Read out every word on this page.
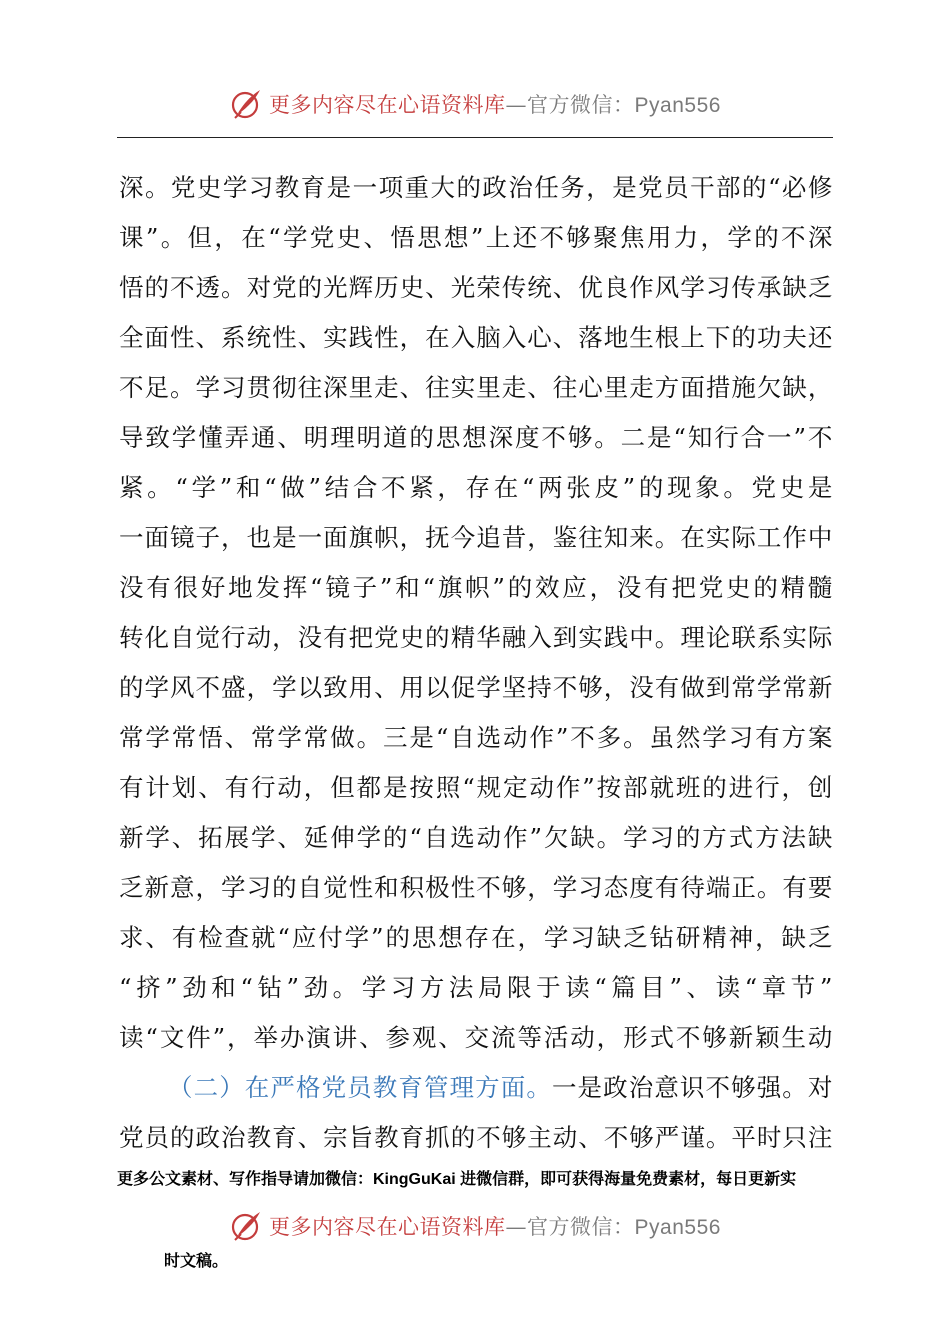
更多内容尽在心语资料库—官方微信：Pyan556
深。党史学习教育是一项重大的政治任务，是党员干部的“必修
课”。但，在“学党史、悟思想”上还不够聚焦用力，学的不深
悟的不透。对党的光辉历史、光荣传统、优良作风学习传承缺乏
全面性、系统性、实践性，在入脑入心、落地生根上下的功夫还
不足。学习贯彻往深里走、往实里走、往心里走方面措施欠缺，
导致学懂弄通、明理明道的思想深度不够。二是“知行合一”不
紧。“学”和“做”结合不紧，存在“两张皮”的现象。党史是
一面镜子，也是一面旗帜，抚今追昔，鉴往知来。在实际工作中
没有很好地发挥“镜子”和“旗帜”的效应，没有把党史的精髓
转化自觉行动，没有把党史的精华融入到实践中。理论联系实际
的学风不盛，学以致用、用以促学坚持不够，没有做到常学常新
常学常悟、常学常做。三是“自选动作”不多。虽然学习有方案
有计划、有行动，但都是按照“规定动作”按部就班的进行，创
新学、拓展学、延伸学的“自选动作”欠缺。学习的方式方法缺
乏新意，学习的自觉性和积极性不够，学习态度有待端正。有要
求、有检查就“应付学”的思想存在，学习缺乏钻研精神，缺乏
“挤”劲和“钻”劲。学习方法局限于读“篇目”、读“章节”
读“文件”，举办演讲、参观、交流等活动，形式不够新颖生动
（二）在严格党员教育管理方面。一是政治意识不够强。对
党员的政治教育、宗旨教育抓的不够主动、不够严谨。平时只注
更多公文素材、写作指导请加微信：KingGuKai 进微信群，即可获得海量免费素材，每日更新实
更多内容尽在心语资料库—官方微信：Pyan556
时文稿。
